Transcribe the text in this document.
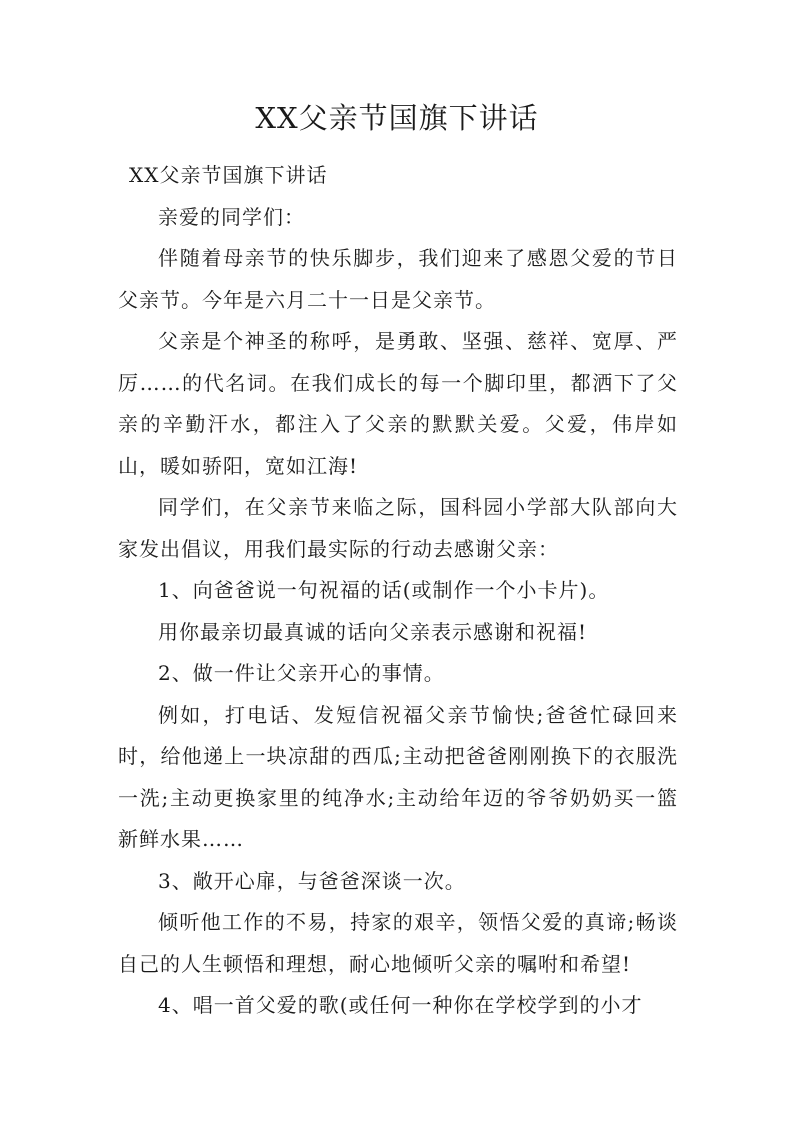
XX父亲节国旗下讲话

XX父亲节国旗下讲话

亲爱的同学们：

伴随着母亲节的快乐脚步，我们迎来了感恩父爱的节日父亲节。今年是六月二十一日是父亲节。

父亲是个神圣的称呼，是勇敢、坚强、慈祥、宽厚、严厉……的代名词。在我们成长的每一个脚印里，都洒下了父亲的辛勤汗水，都注入了父亲的默默关爱。父爱，伟岸如山，暖如骄阳，宽如江海!

同学们，在父亲节来临之际，国科园小学部大队部向大家发出倡议，用我们最实际的行动去感谢父亲：

1、向爸爸说一句祝福的话(或制作一个小卡片)。

用你最亲切最真诚的话向父亲表示感谢和祝福!

2、做一件让父亲开心的事情。

例如，打电话、发短信祝福父亲节愉快;爸爸忙碌回来时，给他递上一块凉甜的西瓜;主动把爸爸刚刚换下的衣服洗一洗;主动更换家里的纯净水;主动给年迈的爷爷奶奶买一篮新鲜水果……

3、敞开心扉，与爸爸深谈一次。

倾听他工作的不易，持家的艰辛，领悟父爱的真谛;畅谈自己的人生顿悟和理想，耐心地倾听父亲的嘱咐和希望!

4、唱一首父爱的歌(或任何一种你在学校学到的小才
